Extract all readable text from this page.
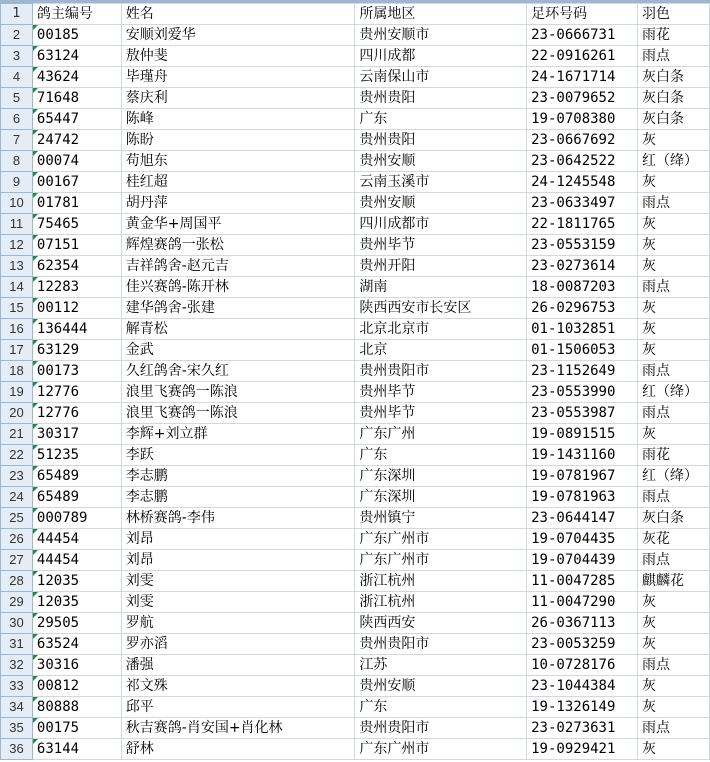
1	鸽主编号	姓名	所属地区	足环号码	羽色
2	00185	安顺刘爱华	贵州安顺市	23-0666731	雨花
3	63124	敖仲斐	四川成都	22-0916261	雨点
4	43624	毕瑾舟	云南保山市	24-1671714	灰白条
5	71648	蔡庆利	贵州贵阳	23-0079652	灰白条
6	65447	陈峰	广东	19-0708380	灰白条
7	24742	陈盼	贵州贵阳	23-0667692	灰
8	00074	苟旭东	贵州安顺	23-0642522	红（绛）
9	00167	桂红超	云南玉溪市	24-1245548	灰
10	01781	胡丹萍	贵州安顺	23-0633497	雨点
11	75465	黄金华+周国平	四川成都市	22-1811765	灰
12	07151	辉煌赛鸽一张松	贵州毕节	23-0553159	灰
13	62354	吉祥鸽舍-赵元吉	贵州开阳	23-0273614	灰
14	12283	佳兴赛鸽-陈开林	湖南	18-0087203	雨点
15	00112	建华鸽舍-张建	陕西西安市长安区	26-0296753	灰
16	136444	解青松	北京北京市	01-1032851	灰
17	63129	金武	北京	01-1506053	灰
18	00173	久红鸽舍-宋久红	贵州贵阳市	23-1152649	雨点
19	12776	浪里飞赛鸽一陈浪	贵州毕节	23-0553990	红（绛）
20	12776	浪里飞赛鸽一陈浪	贵州毕节	23-0553987	雨点
21	30317	李辉+刘立群	广东广州	19-0891515	灰
22	51235	李跃	广东	19-1431160	雨花
23	65489	李志鹏	广东深圳	19-0781967	红（绛）
24	65489	李志鹏	广东深圳	19-0781963	雨点
25	000789	林桥赛鸽-李伟	贵州镇宁	23-0644147	灰白条
26	44454	刘昂	广东广州市	19-0704435	灰花
27	44454	刘昂	广东广州市	19-0704439	雨点
28	12035	刘雯	浙江杭州	11-0047285	麒麟花
29	12035	刘雯	浙江杭州	11-0047290	灰
30	29505	罗航	陕西西安	26-0367113	灰
31	63524	罗亦滔	贵州贵阳市	23-0053259	灰
32	30316	潘强	江苏	10-0728176	雨点
33	00812	祁文殊	贵州安顺	23-1044384	灰
34	80888	邱平	广东	19-1326149	灰
35	00175	秋吉赛鸽-肖安国+肖化林	贵州贵阳市	23-0273631	雨点
36	63144	舒林	广东广州市	19-0929421	灰
